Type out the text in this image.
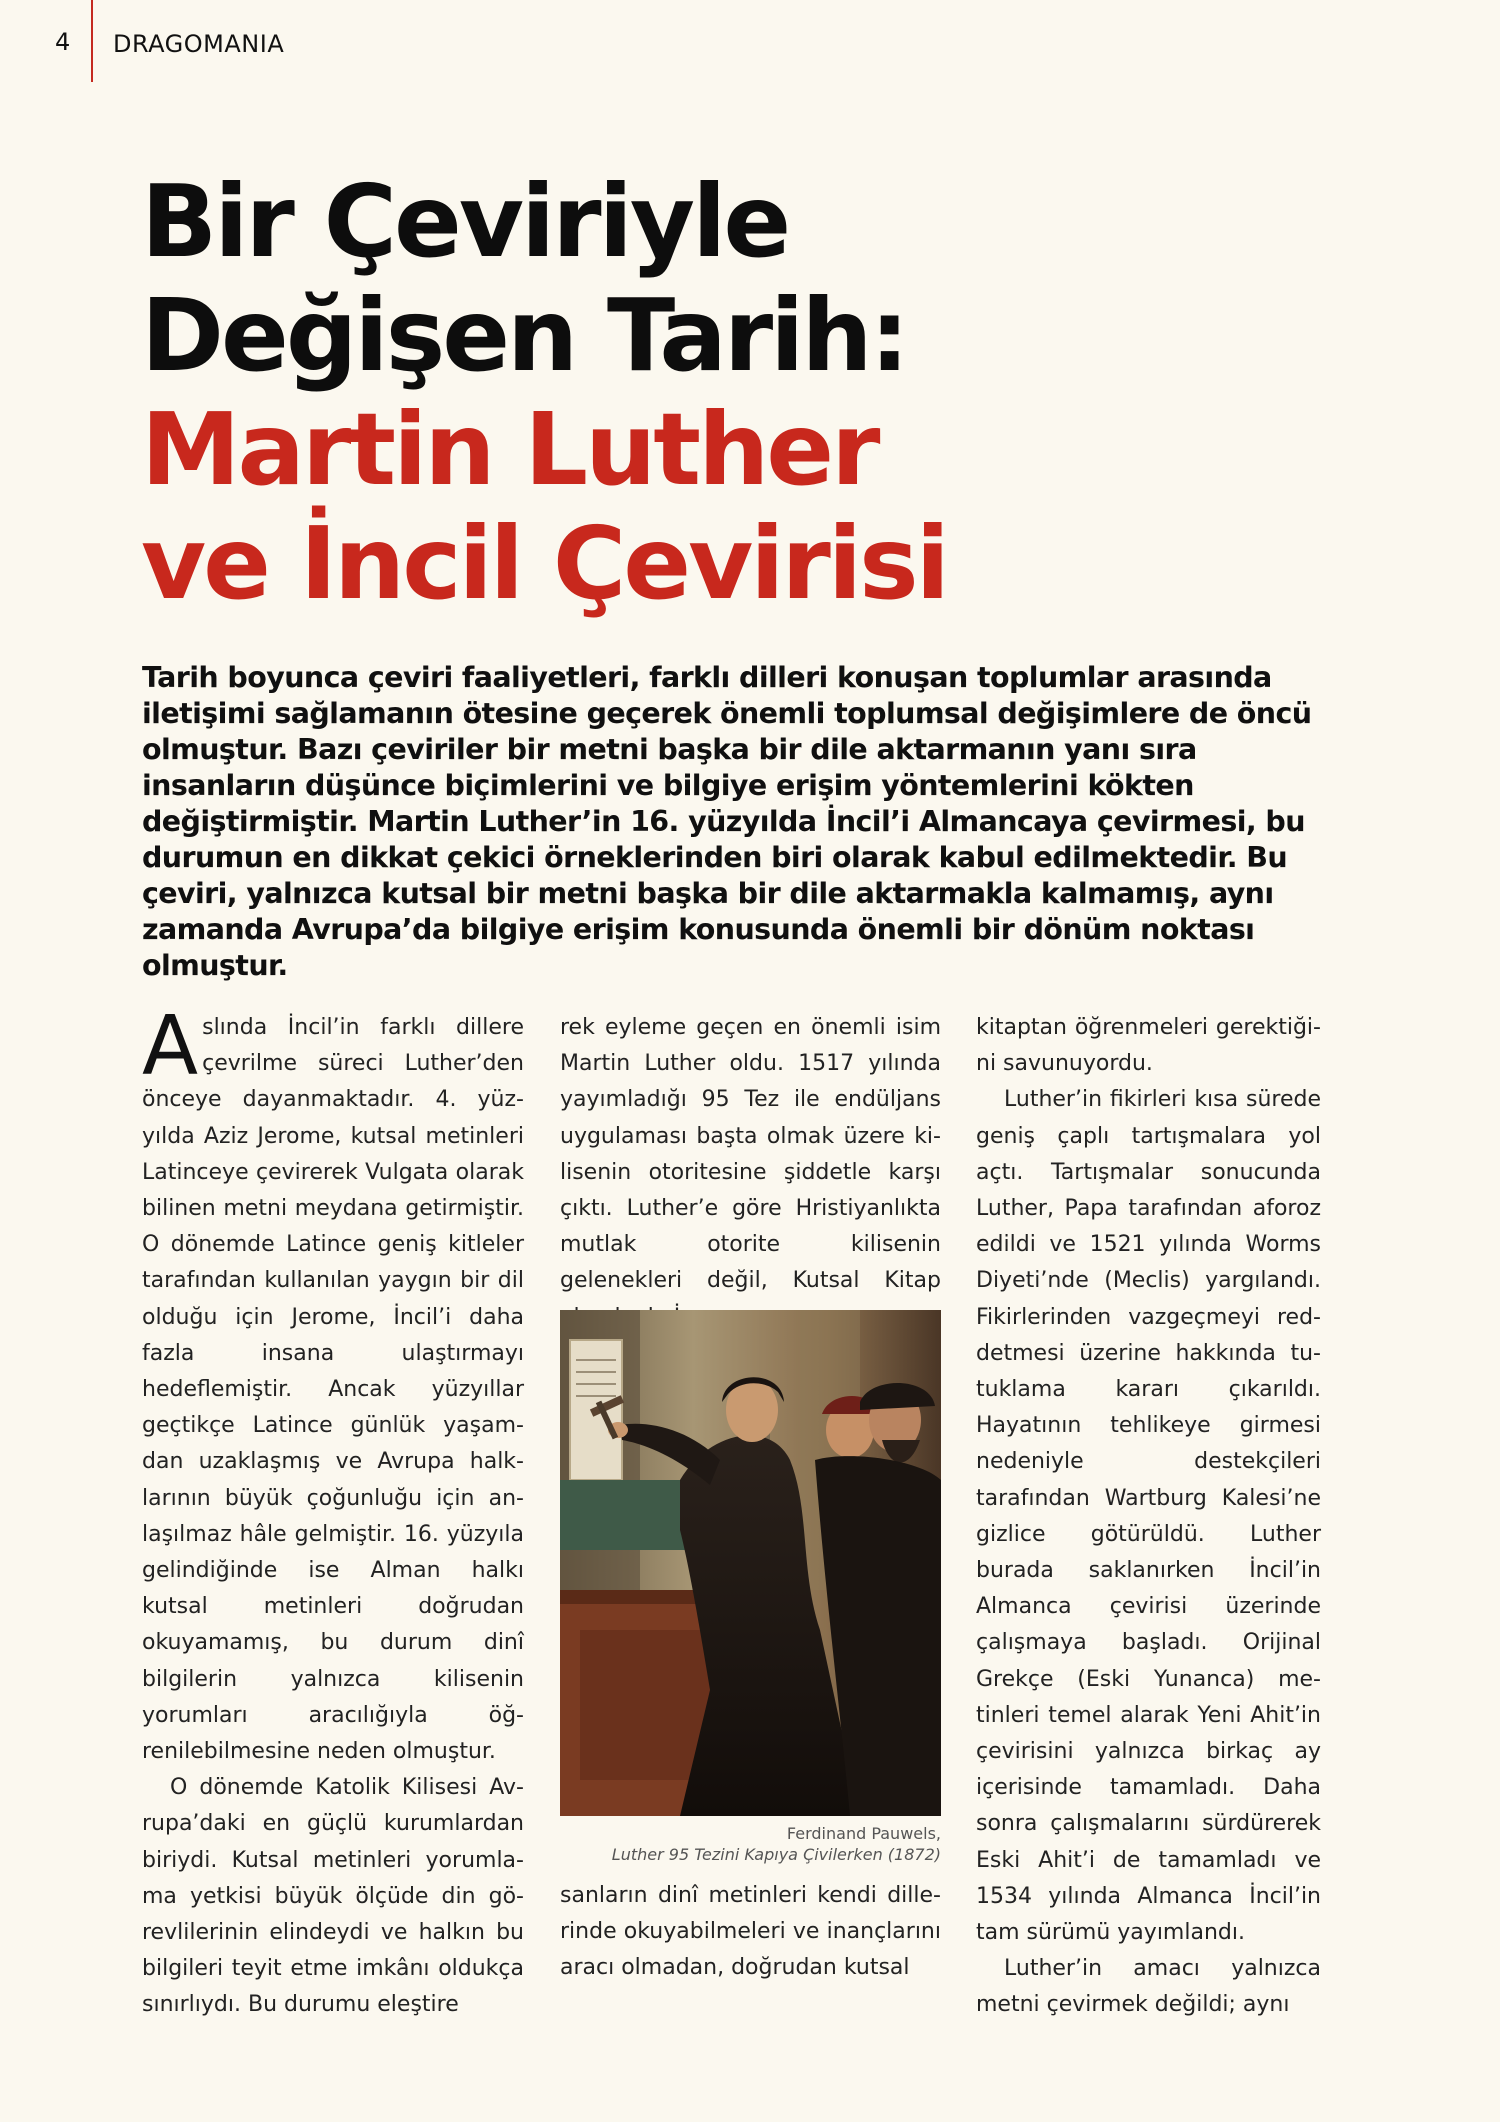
4 DRAGOMANIA
Bir Çeviriyle
Değişen Tarih:
Martin Luther
ve İncil Çevirisi

Tarih boyunca çeviri faaliyetleri, farklı dilleri konuşan toplumlar arasında iletişimi sağlamanın ötesine geçerek önemli toplumsal değişimlere de öncü olmuştur. Bazı çeviriler bir metni başka bir dile aktarmanın yanı sıra insanların düşünce biçimlerini ve bilgiye erişim yöntemlerini kökten değiştirmiştir. Martin Luther’in 16. yüzyılda İncil’i Almancaya çevirmesi, bu durumun en dikkat çekici örneklerinden biri olarak kabul edilmektedir. Bu çeviri, yalnızca kutsal bir metni başka bir dile aktarmakla kalmamış, aynı zamanda Avrupa’da bilgiye erişim konusunda önemli bir dönüm noktası olmuştur.

Aslında İncil’in farklı dillere çevrilme süreci Luther’den önceye dayanmaktadır. 4. yüzyılda Aziz Jerome, kutsal metinleri Latinceye çevirerek Vulgata olarak bilinen metni meydana getirmiştir. O dönemde Latince geniş kitleler tarafından kullanılan yaygın bir dil olduğu için Jerome, İncil’i daha fazla insana ulaştırmayı hedeflemiştir. Ancak yüzyıllar geçtikçe Latince günlük yaşamdan uzaklaşmış ve Avrupa halklarının büyük çoğunluğu için anlaşılmaz hâle gelmiştir. 16. yüzyıla gelindiğinde ise Alman halkı kutsal metinleri doğrudan okuyamamış, bu durum dinî bilgilerin yalnızca kilisenin yorumları aracılığıyla öğrenilebilmesine neden olmuştur.

O dönemde Katolik Kilisesi Avrupa’daki en güçlü kurumlardan biriydi. Kutsal metinleri yorumlama yetkisi büyük ölçüde din görevlilerinin elindeydi ve halkın bu bilgileri teyit etme imkânı oldukça sınırlıydı. Bu durumu eleştire

rek eyleme geçen en önemli isim Martin Luther oldu. 1517 yılında yayımladığı 95 Tez ile endüljans uygulaması başta olmak üzere kilisenin otoritesine şiddetle karşı çıktı. Luther’e göre Hristiyanlıkta mutlak otorite kilisenin gelenekleri değil, Kutsal Kitap

Ferdinand Pauwels,
Luther 95 Tezini Kapıya Çivilerken (1872)

sanların dinî metinleri kendi dillerinde okuyabilmeleri ve inançlarını aracı olmadan, doğrudan kutsal

kitaptan öğrenmeleri gerektiğini savunuyordu.

Luther’in fikirleri kısa sürede geniş çaplı tartışmalara yol açtı. Tartışmalar sonucunda Luther, Papa tarafından aforoz edildi ve 1521 yılında Worms Diyeti’nde (Meclis) yargılandı. Fikirlerinden vazgeçmeyi reddetmesi üzerine hakkında tutuklama kararı çıkarıldı. Hayatının tehlikeye girmesi nedeniyle destekçileri tarafından Wartburg Kalesi’ne gizlice götürüldü. Luther burada saklanırken İncil’in Almanca çevirisi üzerinde çalışmaya başladı. Orijinal Grekçe (Eski Yunanca) metinleri temel alarak Yeni Ahit’in çevirisini yalnızca birkaç ay içerisinde tamamladı. Daha sonra çalışmalarını sürdürerek Eski Ahit’i de tamamladı ve 1534 yılında Almanca İncil’in tam sürümü yayımlandı.

Luther’in amacı yalnızca metni çevirmek değildi; aynı
